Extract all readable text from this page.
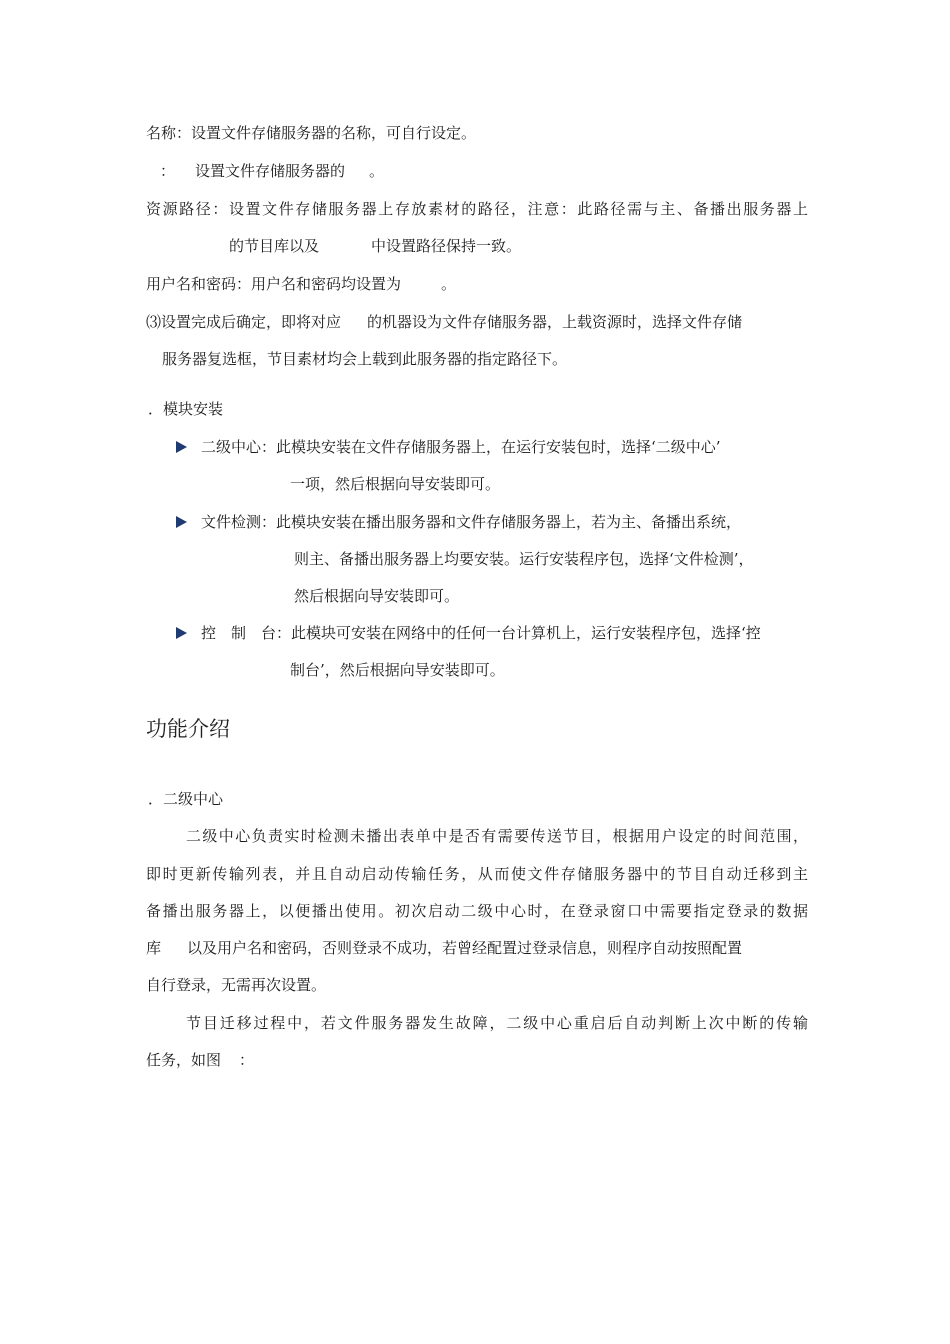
名称：设置文件存储服务器的名称，可自行设定。
： 设置文件存储服务器的 。
资源路径：设置文件存储服务器上存放素材的路径，注意：此路径需与主、备播出服务器上
的节目库以及	中设置路径保持一致。
用户名和密码：用户名和密码均设置为	。
⑶设置完成后确定，即将对应 的机器设为文件存储服务器，上载资源时，选择文件存储
服务器复选框，节目素材均会上载到此服务器的指定路径下。
．模块安装
二级中心：此模块安装在文件存储服务器上，在运行安装包时，选择‘二级中心’
一项，然后根据向导安装即可。
文件检测：此模块安装在播出服务器和文件存储服务器上，若为主、备播出系统，
则主、备播出服务器上均要安装。运行安装程序包，选择‘文件检测’，
然后根据向导安装即可。
控　制　台：此模块可安装在网络中的任何一台计算机上，运行安装程序包，选择‘控
制台’，然后根据向导安装即可。
功能介绍
．二级中心
二级中心负责实时检测未播出表单中是否有需要传送节目，根据用户设定的时间范围，
即时更新传输列表，并且自动启动传输任务，从而使文件存储服务器中的节目自动迁移到主
备播出服务器上，以便播出使用。初次启动二级中心时，在登录窗口中需要指定登录的数据
库 以及用户名和密码，否则登录不成功，若曾经配置过登录信息，则程序自动按照配置
自行登录，无需再次设置。
节目迁移过程中，若文件服务器发生故障，二级中心重启后自动判断上次中断的传输
任务，如图 ：
